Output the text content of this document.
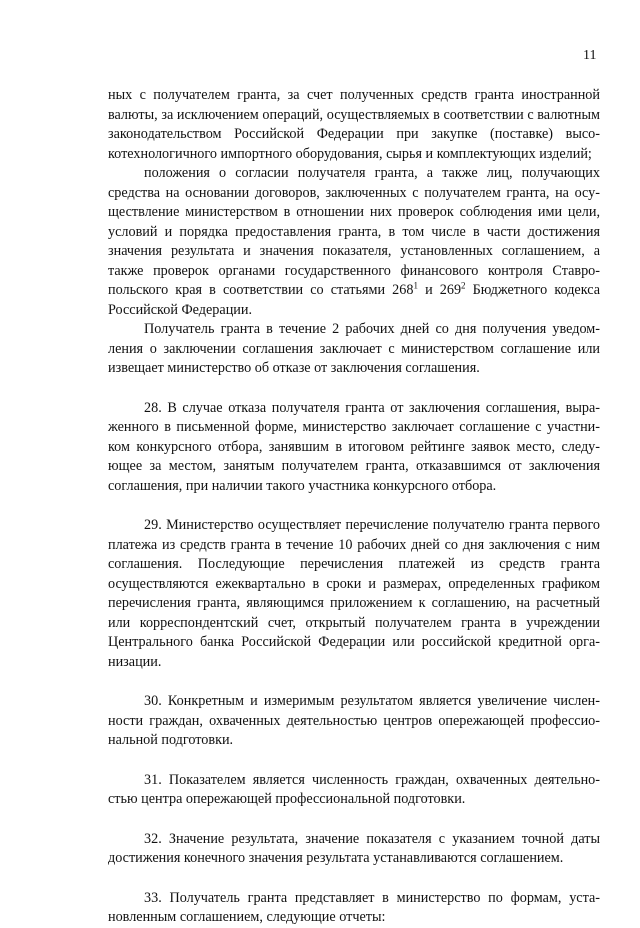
11

ных с получателем гранта, за счет полученных средств гранта иностранной валюты, за исключением операций, осуществляемых в соответствии с валютным законодательством Российской Федерации при закупке (поставке) высокотехнологичного импортного оборудования, сырья и комплектующих изделий;

положения о согласии получателя гранта, а также лиц, получающих средства на основании договоров, заключенных с получателем гранта, на осуществление министерством в отношении них проверок соблюдения ими цели, условий и порядка предоставления гранта, в том числе в части достижения значения результата и значения показателя, установленных соглашением, а также проверок органами государственного финансового контроля Ставропольского края в соответствии со статьями $268^1$ и $269^2$ Бюджетного кодекса Российской Федерации.

Получатель гранта в течение 2 рабочих дней со дня получения уведомления о заключении соглашения заключает с министерством соглашение или извещает министерство об отказе от заключения соглашения.

28. В случае отказа получателя гранта от заключения соглашения, выраженного в письменной форме, министерство заключает соглашение с участником конкурсного отбора, занявшим в итоговом рейтинге заявок место, следующее за местом, занятым получателем гранта, отказавшимся от заключения соглашения, при наличии такого участника конкурсного отбора.

29. Министерство осуществляет перечисление получателю гранта первого платежа из средств гранта в течение 10 рабочих дней со дня заключения с ним соглашения. Последующие перечисления платежей из средств гранта осуществляются ежеквартально в сроки и размерах, определенных графиком перечисления гранта, являющимся приложением к соглашению, на расчетный или корреспондентский счет, открытый получателем гранта в учреждении Центрального банка Российской Федерации или российской кредитной организации.

30. Конкретным и измеримым результатом является увеличение численности граждан, охваченных деятельностью центров опережающей профессиональной подготовки.

31. Показателем является численность граждан, охваченных деятельностью центра опережающей профессиональной подготовки.

32. Значение результата, значение показателя с указанием точной даты достижения конечного значения результата устанавливаются соглашением.

33. Получатель гранта представляет в министерство по формам, установленным соглашением, следующие отчеты:
